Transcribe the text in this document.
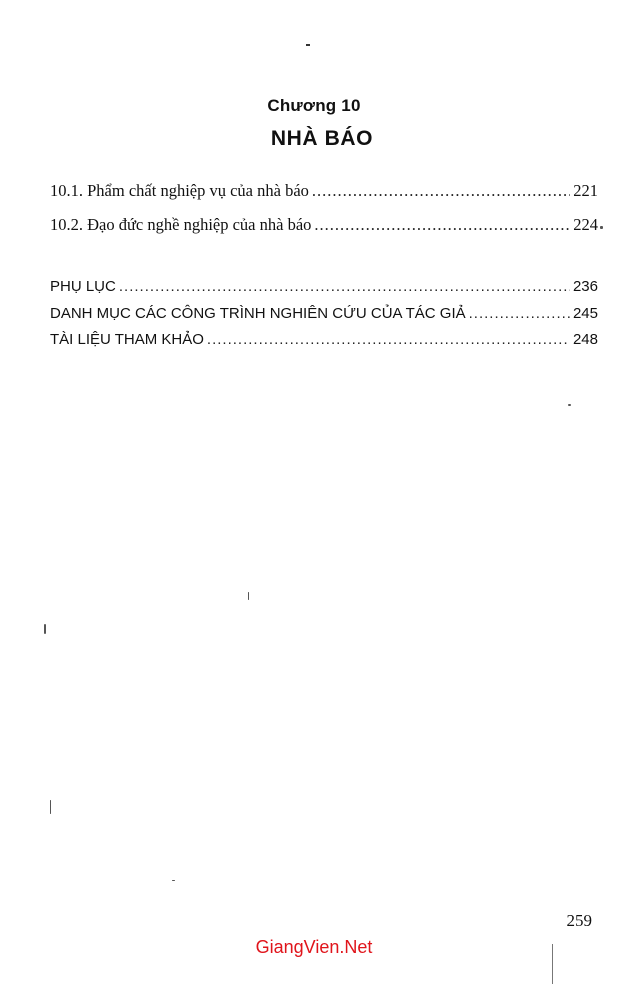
Chương 10
NHÀ BÁO
10.1. Phẩm chất nghiệp vụ của nhà báo .....	221
10.2. Đạo đức nghề nghiệp của nhà báo .....	224
PHỤ LỤC .....	236
DANH MỤC CÁC CÔNG TRÌNH NGHIÊN CỨU CỦA TÁC GIẢ .....	245
TÀI LIỆU THAM KHẢO .....	248
259
GiangVien.Net
